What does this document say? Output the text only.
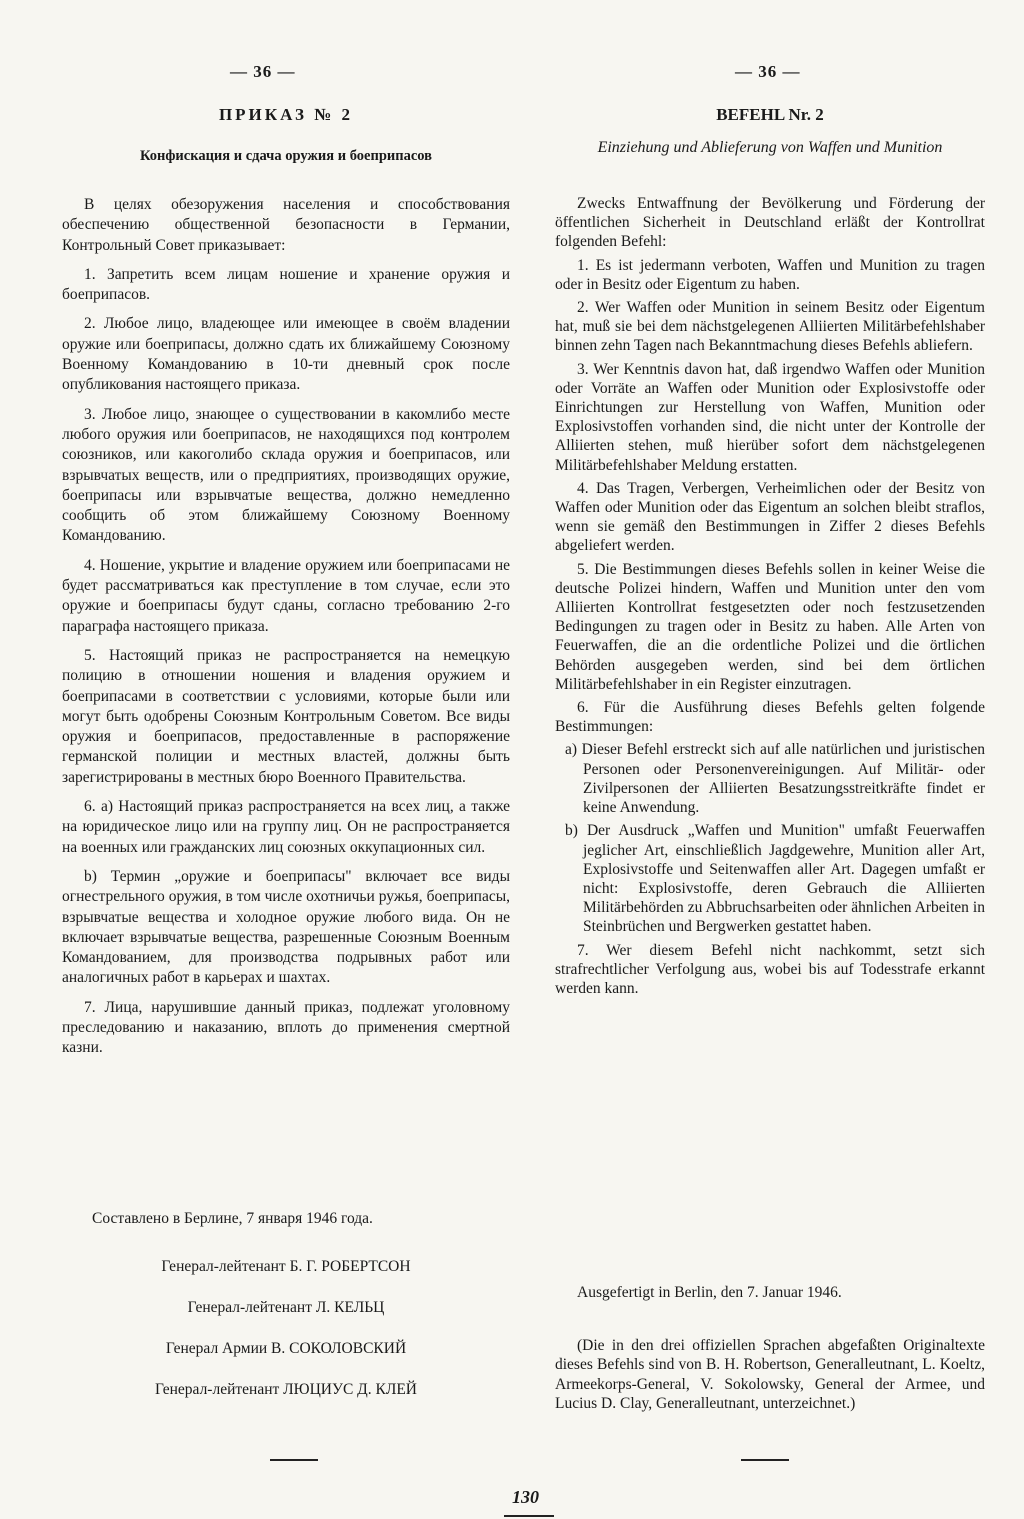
— 36 —
ПРИКАЗ № 2
Конфискация и сдача оружия и боеприпасов

В целях обезоружения населения и способствования обеспечению общественной безопасности в Германии, Контрольный Совет приказывает:

1. Запретить всем лицам ношение и хранение оружия и боеприпасов.

2. Любое лицо, владеющее или имеющее в своём владении оружие или боеприпасы, должно сдать их ближайшему Союзному Военному Командованию в 10-ти дневный срок после опубликования настоящего приказа.

3. Любое лицо, знающее о существовании в какомлибо месте любого оружия или боеприпасов, не находящихся под контролем союзников, или какоголибо склада оружия и боеприпасов, или взрывчатых веществ, или о предприятиях, производящих оружие, боеприпасы или взрывчатые вещества, должно немедленно сообщить об этом ближайшему Союзному Военному Командованию.

4. Ношение, укрытие и владение оружием или боеприпасами не будет рассматриваться как преступление в том случае, если это оружие и боеприпасы будут сданы, согласно требованию 2-го параграфа настоящего приказа.

5. Настоящий приказ не распространяется на немецкую полицию в отношении ношения и владения оружием и боеприпасами в соответствии с условиями, которые были или могут быть одобрены Союзным Контрольным Советом. Все виды оружия и боеприпасов, предоставленные в распоряжение германской полиции и местных властей, должны быть зарегистрированы в местных бюро Военного Правительства.

6. а) Настоящий приказ распространяется на всех лиц, а также на юридическое лицо или на группу лиц. Он не распространяется на военных или гражданских лиц союзных оккупационных сил.

b) Термин „оружие и боеприпасы" включает все виды огнестрельного оружия, в том числе охотничьи ружья, боеприпасы, взрывчатые вещества и холодное оружие любого вида. Он не включает взрывчатые вещества, разрешенные Союзным Военным Командованием, для производства подрывных работ или аналогичных работ в карьерах и шахтах.

7. Лица, нарушившие данный приказ, подлежат уголовному преследованию и наказанию, вплоть до применения смертной казни.

Составлено в Берлине, 7 января 1946 года.
Генерал-лейтенант Б. Г. РОБЕРТСОН
Генерал-лейтенант Л. КЕЛЬЦ
Генерал Армии В. СОКОЛОВСКИЙ
Генерал-лейтенант ЛЮЦИУС Д. КЛЕЙ
— 36 —
BEFEHL Nr. 2
Einziehung und Ablieferung von Waffen und Munition

Zwecks Entwaffnung der Bevölkerung und Förderung der öffentlichen Sicherheit in Deutschland erläßt der Kontrollrat folgenden Befehl:

1. Es ist jedermann verboten, Waffen und Munition zu tragen oder in Besitz oder Eigentum zu haben.

2. Wer Waffen oder Munition in seinem Besitz oder Eigentum hat, muß sie bei dem nächstgelegenen Alliierten Militärbefehlshaber binnen zehn Tagen nach Bekanntmachung dieses Befehls abliefern.

3. Wer Kenntnis davon hat, daß irgendwo Waffen oder Munition oder Vorräte an Waffen oder Munition oder Explosivstoffe oder Einrichtungen zur Herstellung von Waffen, Munition oder Explosivstoffen vorhanden sind, die nicht unter der Kontrolle der Alliierten stehen, muß hierüber sofort dem nächstgelegenen Militärbefehlshaber Meldung erstatten.

4. Das Tragen, Verbergen, Verheimlichen oder der Besitz von Waffen oder Munition oder das Eigentum an solchen bleibt straflos, wenn sie gemäß den Bestimmungen in Ziffer 2 dieses Befehls abgeliefert werden.

5. Die Bestimmungen dieses Befehls sollen in keiner Weise die deutsche Polizei hindern, Waffen und Munition unter den vom Alliierten Kontrollrat festgesetzten oder noch festzusetzenden Bedingungen zu tragen oder in Besitz zu haben. Alle Arten von Feuerwaffen, die an die ordentliche Polizei und die örtlichen Behörden ausgegeben werden, sind bei dem örtlichen Militärbefehlshaber in ein Register einzutragen.

6. Für die Ausführung dieses Befehls gelten folgende Bestimmungen:

a) Dieser Befehl erstreckt sich auf alle natürlichen und juristischen Personen oder Personenvereinigungen. Auf Militär- oder Zivilpersonen der Alliierten Besatzungsstreitkräfte findet er keine Anwendung.

b) Der Ausdruck „Waffen und Munition" umfaßt Feuerwaffen jeglicher Art, einschließlich Jagdgewehre, Munition aller Art, Explosivstoffe und Seitenwaffen aller Art. Dagegen umfaßt er nicht: Explosivstoffe, deren Gebrauch die Alliierten Militärbehörden zu Abbruchsarbeiten oder ähnlichen Arbeiten in Steinbrüchen und Bergwerken gestattet haben.

7. Wer diesem Befehl nicht nachkommt, setzt sich strafrechtlicher Verfolgung aus, wobei bis auf Todesstrafe erkannt werden kann.

Ausgefertigt in Berlin, den 7. Januar 1946.

(Die in den drei offiziellen Sprachen abgefaßten Originaltexte dieses Befehls sind von B. H. Robertson, Generalleutnant, L. Koeltz, Armeekorps-General, V. Sokolowsky, General der Armee, und Lucius D. Clay, Generalleutnant, unterzeichnet.)

130
